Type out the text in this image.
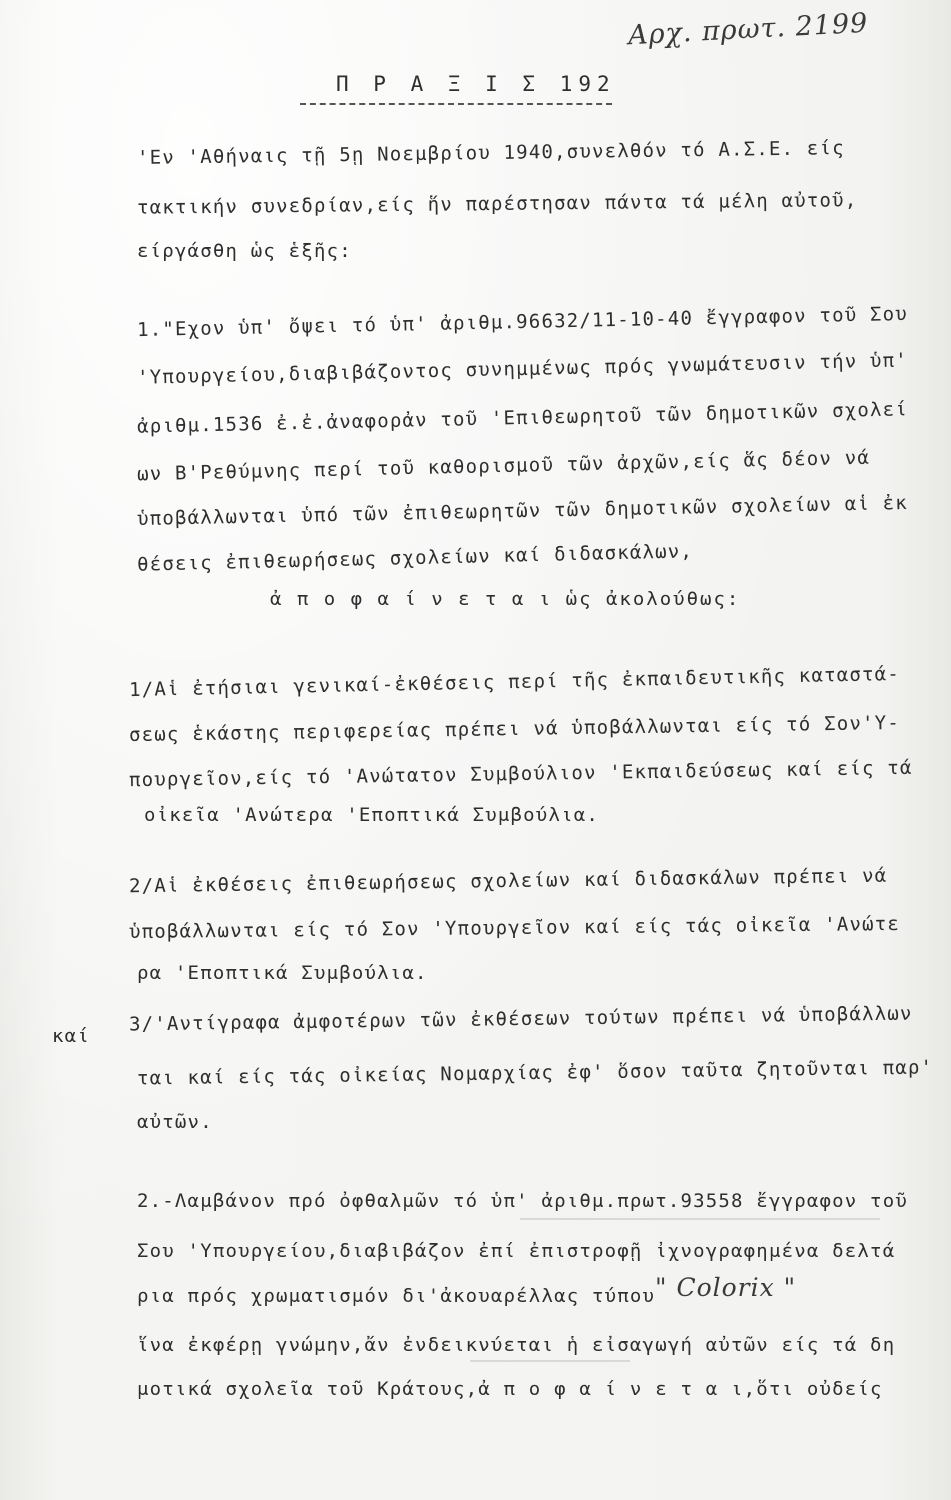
Αρχ. πρωτ. 2199
Π Ρ Α Ξ Ι Σ 192
'Εν 'Αθήναις τῇ 5ῃ Νοεμβρίου 1940,συνελθόν τό Α.Σ.Ε. είς
τακτικήν συνεδρίαν,είς ἥν παρέστησαν πάντα τά μέλη αὐτοῦ,
είργάσθη ὡς ἑξῆς:
1."Εχον ὑπ' ὄψει τό ὑπ' ἀριθμ.96632/11-10-40 ἔγγραφον τοῦ Σου
'Υπουργείου,διαβιβάζοντος συνημμένως πρός γνωμάτευσιν τήν ὑπ'
ἀριθμ.1536 ἐ.ἐ.ἀναφορἀν τοῦ 'Επιθεωρητοῦ τῶν δημοτικῶν σχολεί
ων Β'Ρεθύμνης περί τοῦ καθορισμοῦ τῶν ἀρχῶν,είς ἅς δέον νά
ὑποβάλλωνται ὑπό τῶν ἐπιθεωρητῶν τῶν δημοτικῶν σχολείων αἱ ἐκ
θέσεις ἐπιθεωρήσεως σχολείων καί διδασκάλων,
ἀ π ο φ α ί ν ε τ α ι ὡς ἀκολούθως:
1/Αἱ ἐτήσιαι γενικαί-ἐκθέσεις περί τῆς ἐκπαιδευτικῆς καταστά-
σεως ἑκάστης περιφερείας πρέπει νά ὑποβάλλωνται είς τό Σον'Υ-
πουργεῖον,είς τό 'Ανώτατον Συμβούλιον 'Εκπαιδεύσεως καί είς τά
οἰκεῖα 'Ανώτερα 'Εποπτικά Συμβούλια.
2/Αἱ ἐκθέσεις ἐπιθεωρήσεως σχολείων καί διδασκάλων πρέπει νά
ὑποβάλλωνται είς τό Σον 'Υπουργεῖον καί είς τάς οἰκεῖα 'Ανώτε
ρα 'Εποπτικά Συμβούλια.
καί
3/'Αντίγραφα ἀμφοτέρων τῶν ἐκθέσεων τούτων πρέπει νά ὑποβάλλων
ται καί είς τάς οἰκείας Νομαρχίας ἐφ' ὅσον ταῦτα ζητοῦνται παρ'
αὐτῶν.
2.-Λαμβάνον πρό ὀφθαλμῶν τό ὑπ' ἀριθμ.πρωτ.93558 ἔγγραφον τοῦ
Σου 'Υπουργείου,διαβιβάζον ἐπί ἐπιστροφῇ ἰχνογραφημένα δελτά
ρια πρός χρωματισμόν δι'ἀκουαρέλλας τύπου " Colorix "
ἵνα ἐκφέρῃ γνώμην,ἄν ἐνδεικνύεται ἡ εἰσαγωγή αὐτῶν είς τά δη
μοτικά σχολεῖα τοῦ Κράτους,ἀ π ο φ α ί ν ε τ α ι,ὅτι οὐδείς
